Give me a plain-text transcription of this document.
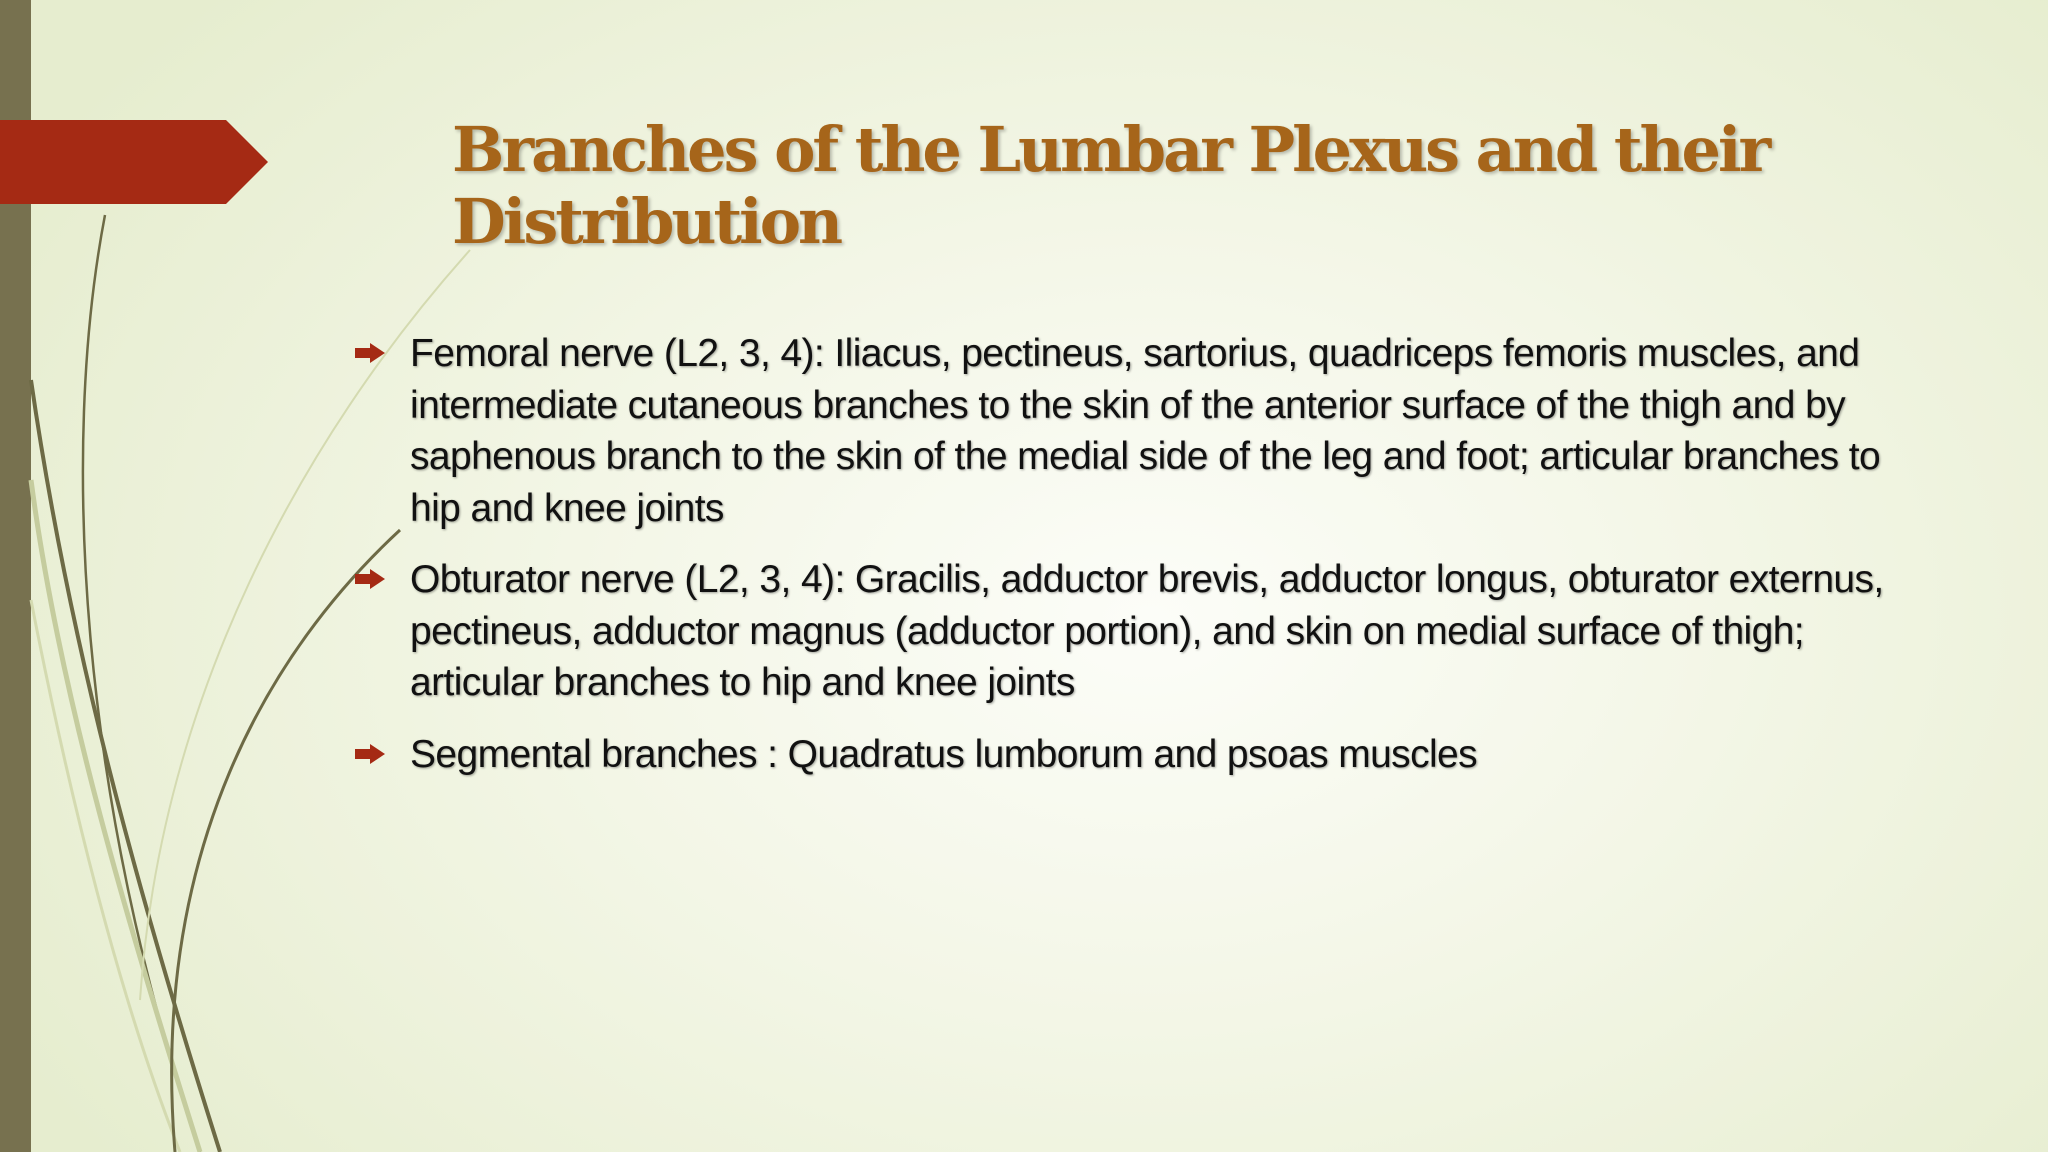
Branches of the Lumbar Plexus and their
Distribution
Femoral nerve (L2, 3, 4): Iliacus, pectineus, sartorius, quadriceps femoris muscles, and intermediate cutaneous branches to the skin of the anterior surface of the thigh and by saphenous branch to the skin of the medial side of the leg and foot; articular branches to hip and knee joints
Obturator nerve (L2, 3, 4): Gracilis, adductor brevis, adductor longus, obturator externus, pectineus, adductor magnus (adductor portion), and skin on medial surface of thigh; articular branches to hip and knee joints
Segmental branches : Quadratus lumborum and psoas muscles
